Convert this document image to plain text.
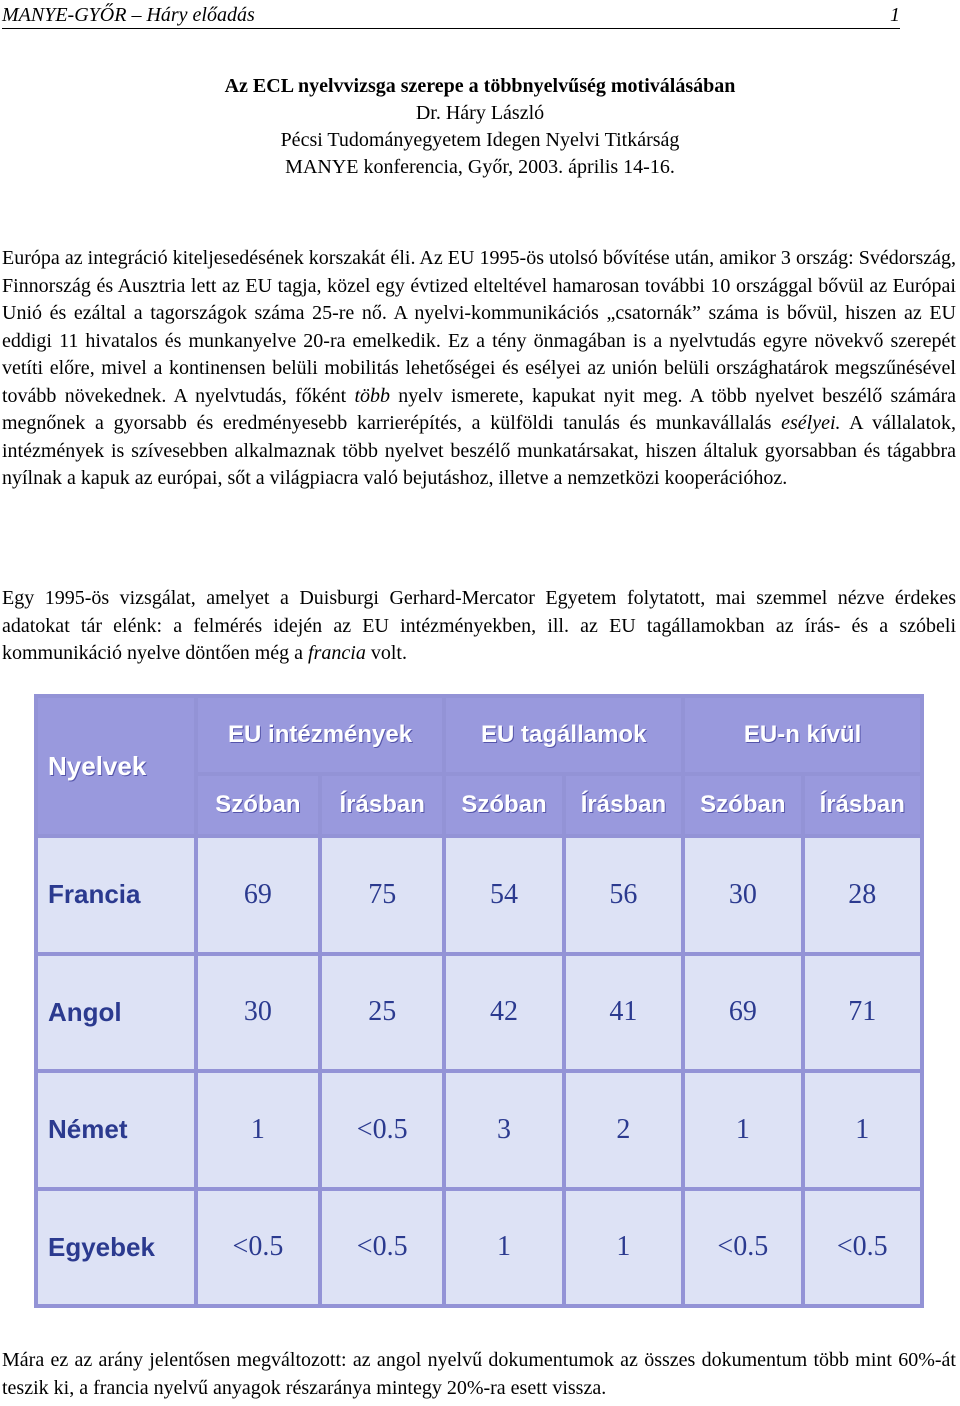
MANYE-GYŐR – Háry előadás	1
Az ECL nyelvvizsga szerepe a többnyelvűség motiválásában
Dr. Háry László
Pécsi Tudományegyetem Idegen Nyelvi Titkárság
MANYE konferencia, Győr, 2003. április 14-16.
Európa az integráció kiteljesedésének korszakát éli. Az EU 1995-ös utolsó bővítése után, amikor 3 ország: Svédország, Finnország és Ausztria lett az EU tagja, közel egy évtized elteltével hamarosan további 10 országgal bővül az Európai Unió és ezáltal a tagországok száma 25-re nő. A nyelvi-kommunikációs „csatornák” száma is bővül, hiszen az EU eddigi 11 hivatalos és munkanyelve 20-ra emelkedik. Ez a tény önmagában is a nyelvtudás egyre növekvő szerepét vetíti előre, mivel a kontinensen belüli mobilitás lehetőségei és esélyei az unión belüli országhatárok megszűnésével tovább növekednek. A nyelvtudás, főként több nyelv ismerete, kapukat nyit meg. A több nyelvet beszélő számára megnőnek a gyorsabb és eredményesebb karrierépítés, a külföldi tanulás és munkavállalás esélyei. A vállalatok, intézmények is szívesebben alkalmaznak több nyelvet beszélő munkatársakat, hiszen általuk gyorsabban és tágabbra nyílnak a kapuk az európai, sőt a világpiacra való bejutáshoz, illetve a nemzetközi kooperációhoz.
Egy 1995-ös vizsgálat, amelyet a Duisburgi Gerhard-Mercator Egyetem folytatott, mai szemmel nézve érdekes adatokat tár elénk: a felmérés idején az EU intézményekben, ill. az EU tagállamokban az írás- és a szóbeli kommunikáció nyelve döntően még a francia volt.
Nyelvek	EU intézmények		EU tagállamok		EU-n kívül	
	Szóban	Írásban	Szóban	Írásban	Szóban	Írásban
Francia	69	75	54	56	30	28
Angol	30	25	42	41	69	71
Német	1	<0.5	3	2	1	1
Egyebek	<0.5	<0.5	1	1	<0.5	<0.5
Mára ez az arány jelentősen megváltozott: az angol nyelvű dokumentumok az összes dokumentum több mint 60%-át teszik ki, a francia nyelvű anyagok részaránya mintegy 20%-ra esett vissza.
